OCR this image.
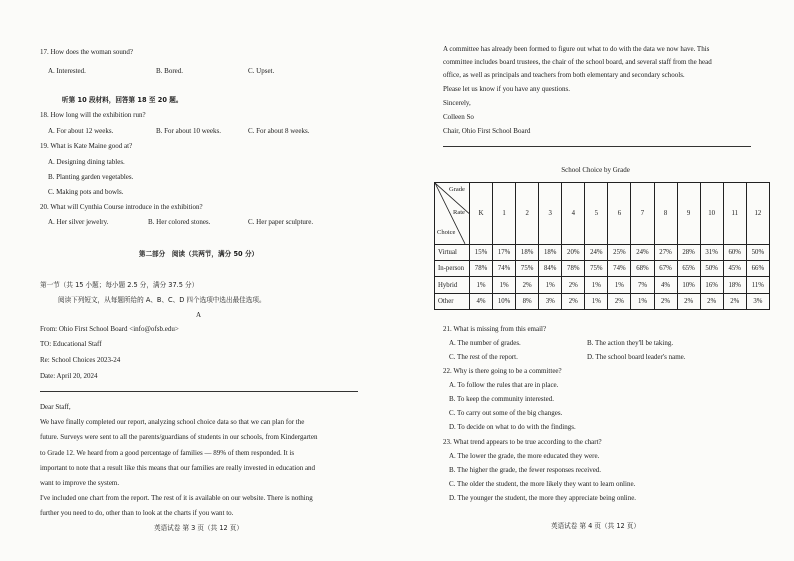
17. How does the woman sound?
A. Interested.	B. Bored.	C. Upset.
听第 10 段材料，回答第 18 至 20 题。
18. How long will the exhibition run?
A. For about 12 weeks.	B. For about 10 weeks.	C. For about 8 weeks.
19. What is Kate Maine good at?
A. Designing dining tables.
B. Planting garden vegetables.
C. Making pots and bowls.
20. What will Cynthia Course introduce in the exhibition?
A. Her silver jewelry.	B. Her colored stones.	C. Her paper sculpture.
第二部分　阅读（共两节，满分 50 分）
第一节（共 15 小题；每小题 2.5 分，满分 37.5 分）
阅读下列短文，从每题所给的 A、B、C、D 四个选项中选出最佳选项。
A
From: Ohio First School Board <info@ofsb.edu>
TO: Educational Staff
Re: School Choices 2023-24
Date: April 20, 2024
Dear Staff,
We have finally completed our report, analyzing school choice data so that we can plan for the
future. Surveys were sent to all the parents/guardians of students in our schools, from Kindergarten
to Grade 12. We heard from a good percentage of families — 89% of them responded. It is
important to note that a result like this means that our families are really invested in education and
want to improve the system.
I've included one chart from the report. The rest of it is available on our website. There is nothing
further you need to do, other than to look at the charts if you want to.
英语试卷 第 3 页（共 12 页）
A committee has already been formed to figure out what to do with the data we now have. This
committee includes board trustees, the chair of the school board, and several staff from the head
office, as well as principals and teachers from both elementary and secondary schools.
Please let us know if you have any questions.
Sincerely,
Colleen So
Chair, Ohio First School Board
School Choice by Grade
Grade
Rate
Choice	K	1	2	3	4	5	6	7	8	9	10	11	12
Virtual	15%	17%	18%	18%	20%	24%	25%	24%	27%	28%	31%	60%	50%
In-person	78%	74%	75%	84%	78%	75%	74%	68%	67%	65%	50%	45%	66%
Hybrid	1%	1%	2%	1%	2%	1%	1%	7%	4%	10%	16%	18%	11%
Other	4%	10%	8%	3%	2%	1%	2%	1%	2%	2%	2%	2%	3%
21. What is missing from this email?
A. The number of grades.	B. The action they'll be taking.
C. The rest of the report.	D. The school board leader's name.
22. Why is there going to be a committee?
A. To follow the rules that are in place.
B. To keep the community interested.
C. To carry out some of the big changes.
D. To decide on what to do with the findings.
23. What trend appears to be true according to the chart?
A. The lower the grade, the more educated they were.
B. The higher the grade, the fewer responses received.
C. The older the student, the more likely they want to learn online.
D. The younger the student, the more they appreciate being online.
英语试卷 第 4 页（共 12 页）
